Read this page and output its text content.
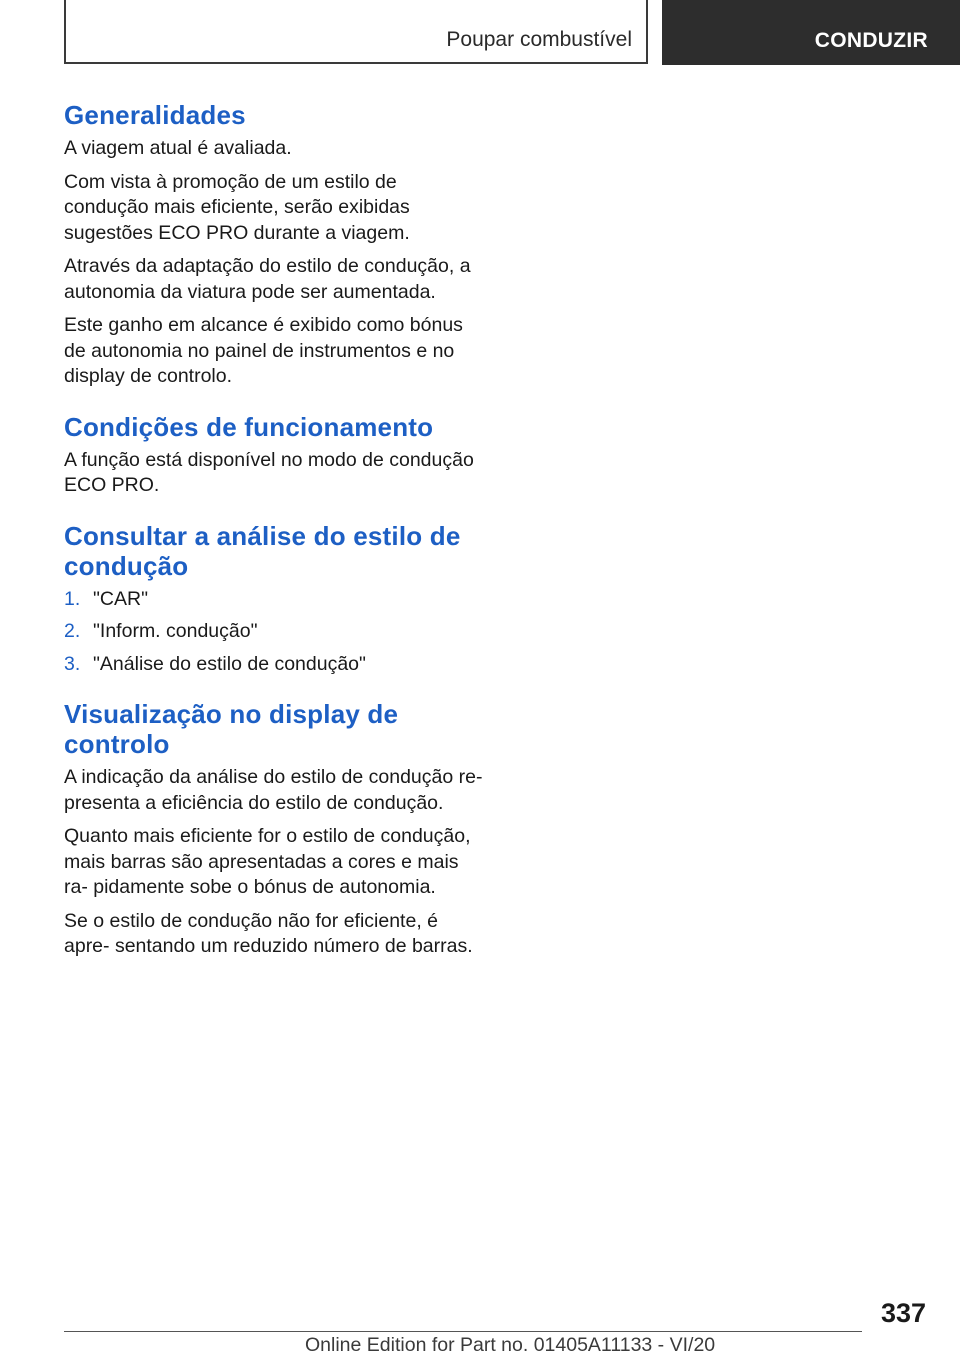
Poupar combustível	CONDUZIR
Generalidades

A viagem atual é avaliada.

Com vista à promoção de um estilo de condução mais eficiente, serão exibidas sugestões ECO PRO durante a viagem.

Através da adaptação do estilo de condução, a autonomia da viatura pode ser aumentada.

Este ganho em alcance é exibido como bónus de autonomia no painel de instrumentos e no display de controlo.

Condições de funcionamento

A função está disponível no modo de condução ECO PRO.

Consultar a análise do estilo de condução
1. "CAR"
2. "Inform. condução"
3. "Análise do estilo de condução"
Visualização no display de controlo

A indicação da análise do estilo de condução re‐ presenta a eficiência do estilo de condução.

Quanto mais eficiente for o estilo de condução, mais barras são apresentadas a cores e mais ra‐ pidamente sobe o bónus de autonomia.

Se o estilo de condução não for eficiente, é apre‐ sentando um reduzido número de barras.

337
Online Edition for Part no. 01405A11133 - VI/20
